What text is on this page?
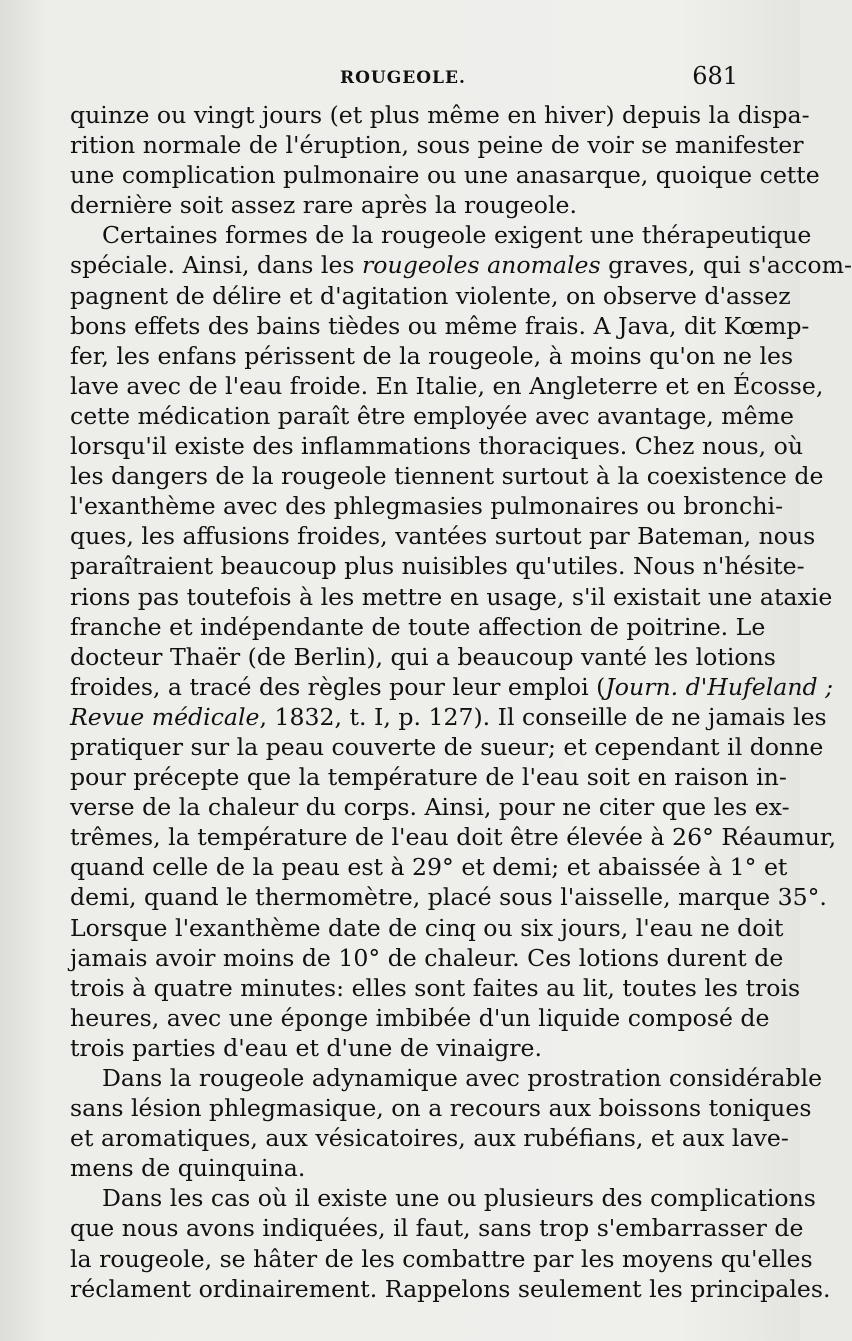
ROUGEOLE.	681
quinze ou vingt jours (et plus même en hiver) depuis la dispa-
rition normale de l'éruption, sous peine de voir se manifester
une complication pulmonaire ou une anasarque, quoique cette
dernière soit assez rare après la rougeole.
Certaines formes de la rougeole exigent une thérapeutique
spéciale. Ainsi, dans les rougeoles anomales graves, qui s'accom-
pagnent de délire et d'agitation violente, on observe d'assez
bons effets des bains tièdes ou même frais. A Java, dit Kœmp-
fer, les enfans périssent de la rougeole, à moins qu'on ne les
lave avec de l'eau froide. En Italie, en Angleterre et en Écosse,
cette médication paraît être employée avec avantage, même
lorsqu'il existe des inflammations thoraciques. Chez nous, où
les dangers de la rougeole tiennent surtout à la coexistence de
l'exanthème avec des phlegmasies pulmonaires ou bronchi-
ques, les affusions froides, vantées surtout par Bateman, nous
paraîtraient beaucoup plus nuisibles qu'utiles. Nous n'hésite-
rions pas toutefois à les mettre en usage, s'il existait une ataxie
franche et indépendante de toute affection de poitrine. Le
docteur Thaër (de Berlin), qui a beaucoup vanté les lotions
froides, a tracé des règles pour leur emploi (Journ. d'Hufeland ;
Revue médicale, 1832, t. I, p. 127). Il conseille de ne jamais les
pratiquer sur la peau couverte de sueur; et cependant il donne
pour précepte que la température de l'eau soit en raison in-
verse de la chaleur du corps. Ainsi, pour ne citer que les ex-
trêmes, la température de l'eau doit être élevée à 26° Réaumur,
quand celle de la peau est à 29° et demi; et abaissée à 1° et
demi, quand le thermomètre, placé sous l'aisselle, marque 35°.
Lorsque l'exanthème date de cinq ou six jours, l'eau ne doit
jamais avoir moins de 10° de chaleur. Ces lotions durent de
trois à quatre minutes: elles sont faites au lit, toutes les trois
heures, avec une éponge imbibée d'un liquide composé de
trois parties d'eau et d'une de vinaigre.
Dans la rougeole adynamique avec prostration considérable
sans lésion phlegmasique, on a recours aux boissons toniques
et aromatiques, aux vésicatoires, aux rubéfians, et aux lave-
mens de quinquina.
Dans les cas où il existe une ou plusieurs des complications
que nous avons indiquées, il faut, sans trop s'embarrasser de
la rougeole, se hâter de les combattre par les moyens qu'elles
réclament ordinairement. Rappelons seulement les principales.
